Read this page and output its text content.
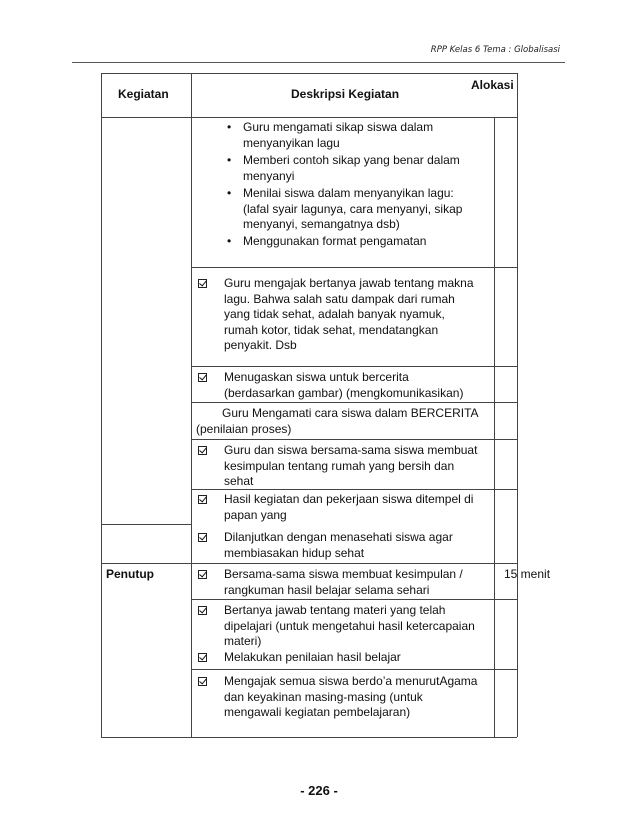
RPP Kelas 6 Tema : Globalisasi
Kegiatan	Deskripsi Kegiatan
Alokasi
• Guru mengamati sikap siswa dalam
menyanyikan lagu
• Memberi contoh sikap yang benar dalam
menyanyi
• Menilai siswa dalam menyanyikan lagu:
(lafal syair lagunya, cara menyanyi, sikap
menyanyi, semangatnya dsb)
• Menggunakan format pengamatan
Guru mengajak bertanya jawab tentang makna
lagu. Bahwa salah satu dampak dari rumah
yang tidak sehat, adalah banyak nyamuk,
rumah kotor, tidak sehat, mendatangkan
penyakit. Dsb
Menugaskan siswa untuk bercerita
(berdasarkan gambar) (mengkomunikasikan)
Guru Mengamati cara siswa dalam BERCERITA
(penilaian proses)
Guru dan siswa bersama-sama siswa membuat
kesimpulan tentang rumah yang bersih dan
sehat
Hasil kegiatan dan pekerjaan siswa ditempel di
papan yang
Dilanjutkan dengan menasehati siswa agar
membiasakan hidup sehat
Penutup	15 menit
Bersama-sama siswa membuat kesimpulan /
rangkuman hasil belajar selama sehari
Bertanya jawab tentang materi yang telah
dipelajari (untuk mengetahui hasil ketercapaian
materi)
Melakukan penilaian hasil belajar
Mengajak semua siswa berdo’a menurutAgama
dan keyakinan masing-masing (untuk
mengawali kegiatan pembelajaran)
- 226 -
